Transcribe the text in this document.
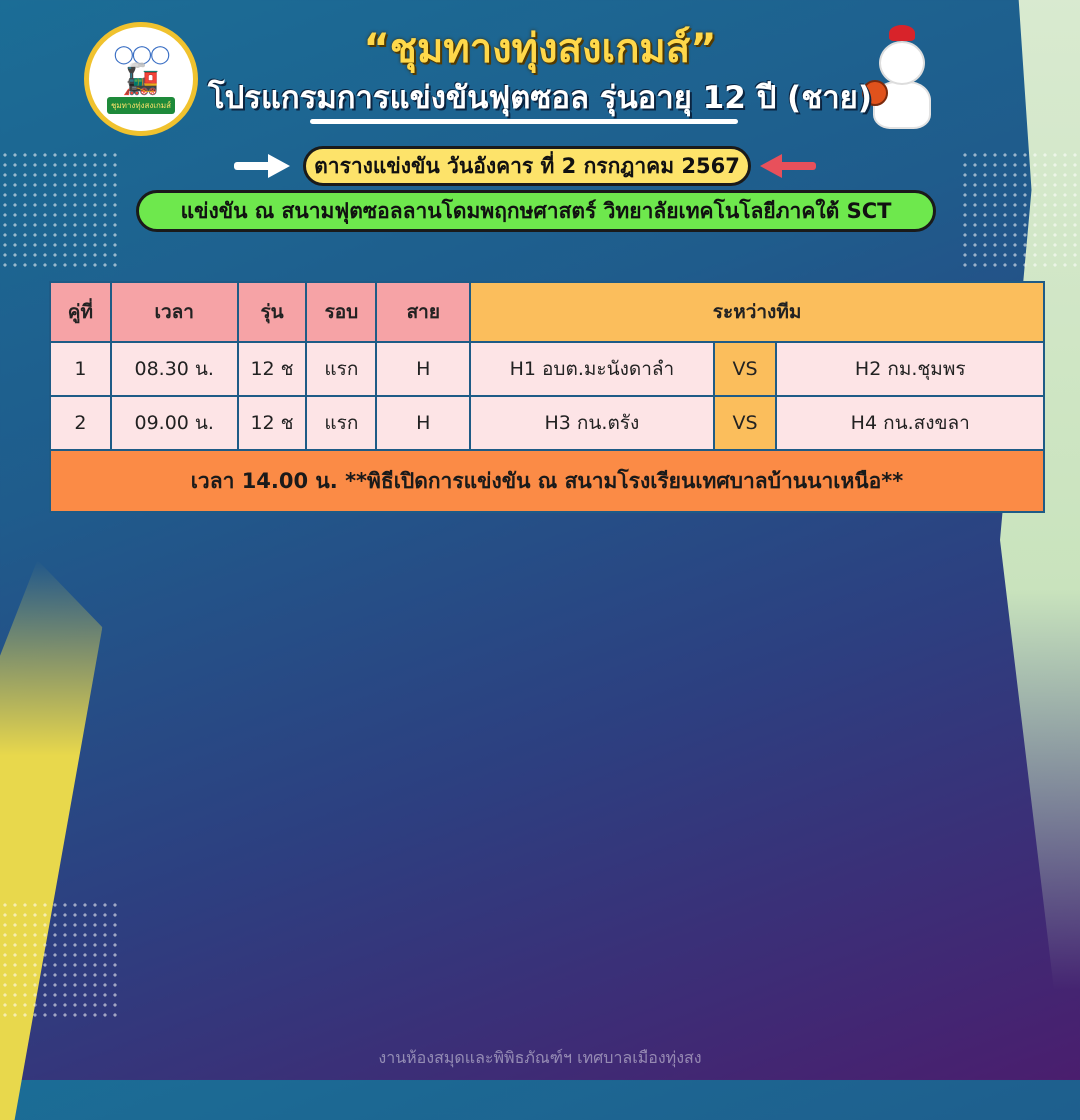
◯◯◯
🚂
ชุมทางทุ่งสงเกมส์
“ชุมทางทุ่งสงเกมส์”
โปรแกรมการแข่งขันฟุตซอล รุ่นอายุ 12 ปี (ชาย)
ตารางแข่งขัน วันอังคาร ที่ 2 กรกฎาคม 2567
แข่งขัน ณ สนามฟุตซอลลานโดมพฤกษศาสตร์ วิทยาลัยเทคโนโลยีภาคใต้ SCT
คู่ที่	เวลา	รุ่น	รอบ	สาย	ระหว่างทีม		
1	08.30 น.	12 ช	แรก	H	H1 อบต.มะนังดาลำ	VS	H2 กม.ชุมพร
2	09.00 น.	12 ช	แรก	H	H3 กน.ตรัง	VS	H4 กน.สงขลา
เวลา 14.00 น. **พิธีเปิดการแข่งขัน ณ สนามโรงเรียนเทศบาลบ้านนาเหนือ**							
งานห้องสมุดและพิพิธภัณฑ์ฯ เทศบาลเมืองทุ่งสง
